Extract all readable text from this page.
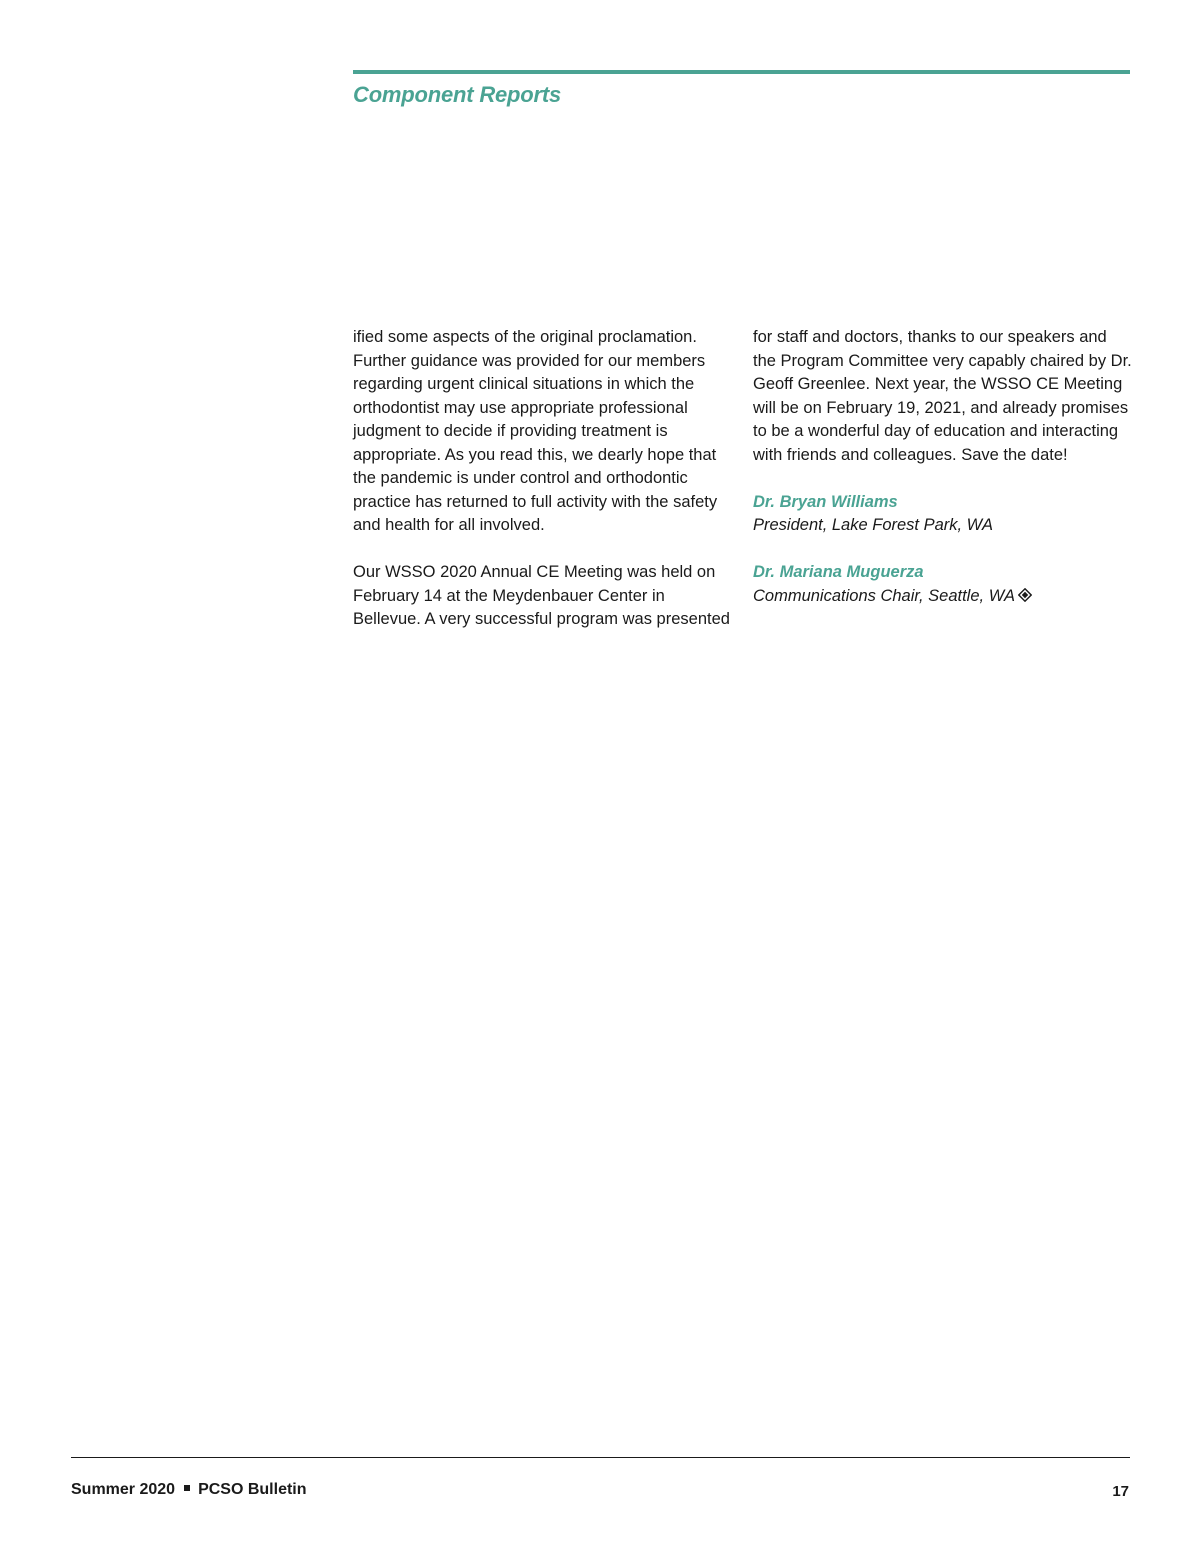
Component Reports

ified some aspects of the original proclamation. Further guidance was provided for our members regarding urgent clinical situations in which the orthodontist may use appropriate professional judgment to decide if providing treatment is appropriate. As you read this, we dearly hope that the pandemic is under control and orthodontic practice has returned to full activity with the safety and health for all involved.

Our WSSO 2020 Annual CE Meeting was held on February 14 at the Meydenbauer Center in Bellevue. A very successful program was presented

for staff and doctors, thanks to our speakers and the Program Committee very capably chaired by Dr. Geoff Greenlee. Next year, the WSSO CE Meeting will be on February 19, 2021, and already promises to be a wonderful day of education and interacting with friends and colleagues. Save the date!

Dr. Bryan Williams
President, Lake Forest Park, WA

Dr. Mariana Muguerza
Communications Chair, Seattle, WA

Summer 2020 PCSO Bulletin	17
